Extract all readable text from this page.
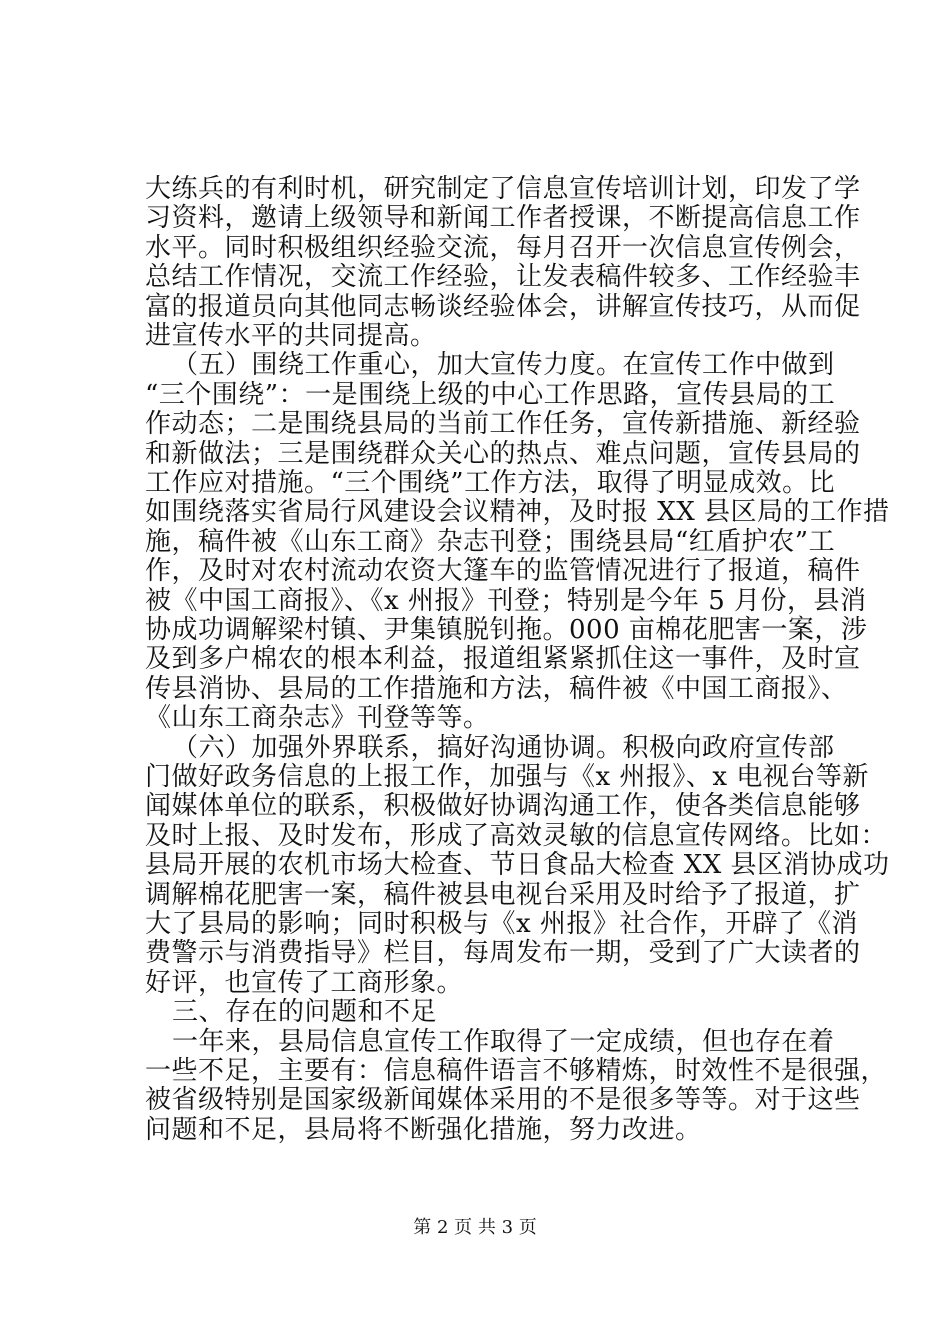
大练兵的有利时机，研究制定了信息宣传培训计划，印发了学
习资料，邀请上级领导和新闻工作者授课，不断提高信息工作
水平。同时积极组织经验交流，每月召开一次信息宣传例会，
总结工作情况，交流工作经验，让发表稿件较多、工作经验丰
富的报道员向其他同志畅谈经验体会，讲解宣传技巧，从而促
进宣传水平的共同提高。
（五）围绕工作重心，加大宣传力度。在宣传工作中做到
“三个围绕”：一是围绕上级的中心工作思路，宣传县局的工
作动态；二是围绕县局的当前工作任务，宣传新措施、新经验
和新做法；三是围绕群众关心的热点、难点问题，宣传县局的
工作应对措施。“三个围绕”工作方法，取得了明显成效。比
如围绕落实省局行风建设会议精神，及时报 XX 县区局的工作措
施，稿件被《山东工商》杂志刊登；围绕县局“红盾护农”工
作，及时对农村流动农资大篷车的监管情况进行了报道，稿件
被《中国工商报》、《x 州报》刊登；特别是今年 5 月份，县消
协成功调解梁村镇、尹集镇脱钊拖。000 亩棉花肥害一案，涉
及到多户棉农的根本利益，报道组紧紧抓住这一事件，及时宣
传县消协、县局的工作措施和方法，稿件被《中国工商报》、
《山东工商杂志》刊登等等。
（六）加强外界联系，搞好沟通协调。积极向政府宣传部
门做好政务信息的上报工作，加强与《x 州报》、x 电视台等新
闻媒体单位的联系，积极做好协调沟通工作，使各类信息能够
及时上报、及时发布，形成了高效灵敏的信息宣传网络。比如：
县局开展的农机市场大检查、节日食品大检查 XX 县区消协成功
调解棉花肥害一案，稿件被县电视台采用及时给予了报道，扩
大了县局的影响；同时积极与《x 州报》社合作，开辟了《消
费警示与消费指导》栏目，每周发布一期，受到了广大读者的
好评，也宣传了工商形象。
三、存在的问题和不足
一年来，县局信息宣传工作取得了一定成绩，但也存在着
一些不足，主要有：信息稿件语言不够精炼，时效性不是很强，
被省级特别是国家级新闻媒体采用的不是很多等等。对于这些
问题和不足，县局将不断强化措施，努力改进。
第 2 页 共 3 页
